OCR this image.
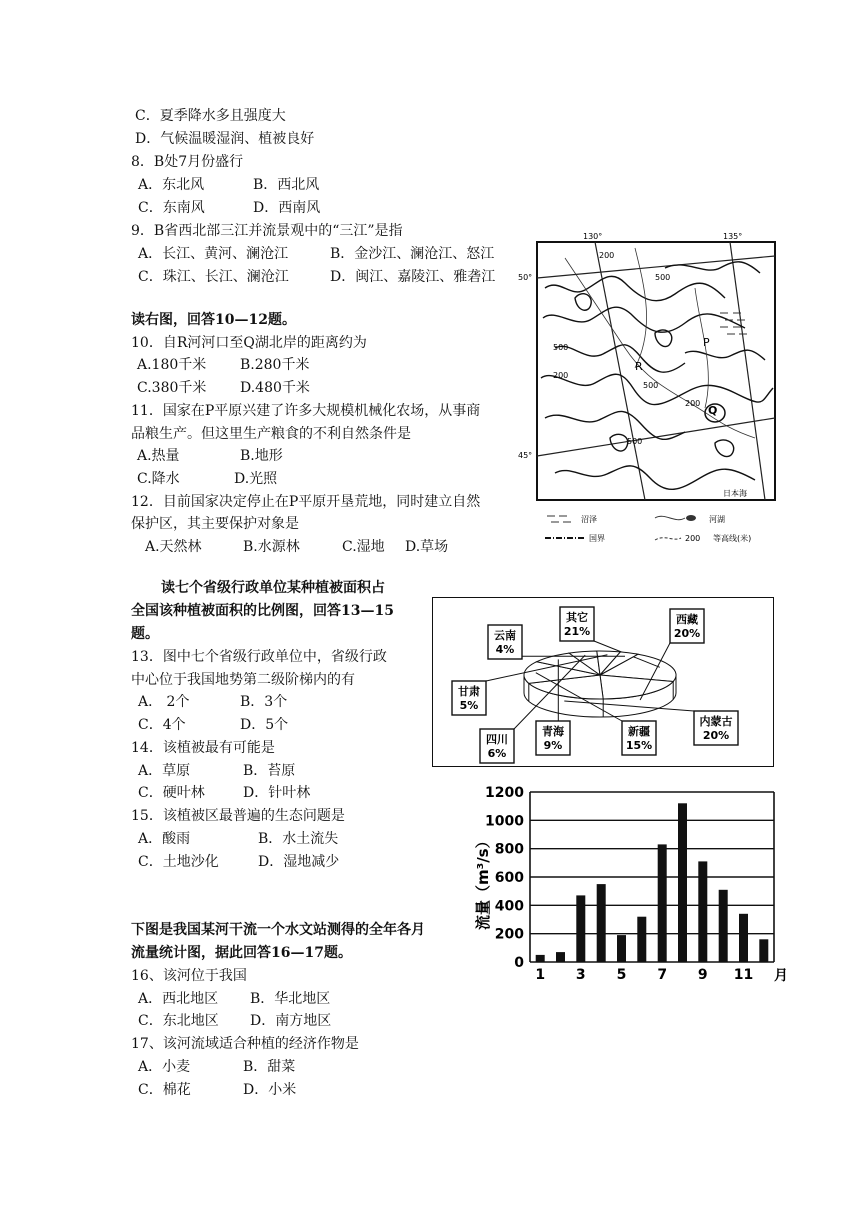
C．夏季降水多且强度大
D．气候温暖湿润、植被良好
8．B处7月份盛行
A．东北风	B．西北风
C．东南风	D．西南风
9．B省西北部三江并流景观中的“三江”是指
A．长江、黄河、澜沧江	B．金沙江、澜沧江、怒江
C．珠江、长江、澜沧江	D．闽江、嘉陵江、雅砻江
读右图，回答10—12题。
10．自R河河口至Q湖北岸的距离约为
A.180千米 B.280千米
C.380千米 D.480千米
11．国家在P平原兴建了许多大规模机械化农场，从事商
品粮生产。但这里生产粮食的不利自然条件是
A.热量	B.地形
C.降水	D.光照
12．目前国家决定停止在P平原开垦荒地，同时建立自然
保护区，其主要保护对象是
A.天然林	B.水源林	C.湿地 D.草场
130°	135°
50°
45°
200
500
500
200
500
200
500
R
P
Q
日本海
沼泽	河湖
国界	200 等高线(米)
读七个省级行政单位某种植被面积占
全国该种植被面积的比例图，回答13—15
题。
13．图中七个省级行政单位中，省级行政
中心位于我国地势第二级阶梯内的有
A． 2个	B．3个
C．4个	D．5个
14．该植被最有可能是
A．草原	B．苔原
C．硬叶林	D．针叶林
15．该植被区最普遍的生态问题是
A．酸雨	B．水土流失
C．土地沙化	D．湿地减少
其它
21%
西藏
20%
内蒙古
20%
新疆
15%
青海
9%
四川
6%
甘肃
5%
云南
4%
下图是我国某河干流一个水文站测得的全年各月
流量统计图，据此回答16—17题。
16、该河位于我国
A．西北地区 B．华北地区
C．东北地区 D．南方地区
17、该河流域适合种植的经济作物是
A．小麦	B．甜菜
C．棉花	D．小米
流量（m³/s）
月
0
200
400
600
800
1000
1200
1 3 5 7 9 11
